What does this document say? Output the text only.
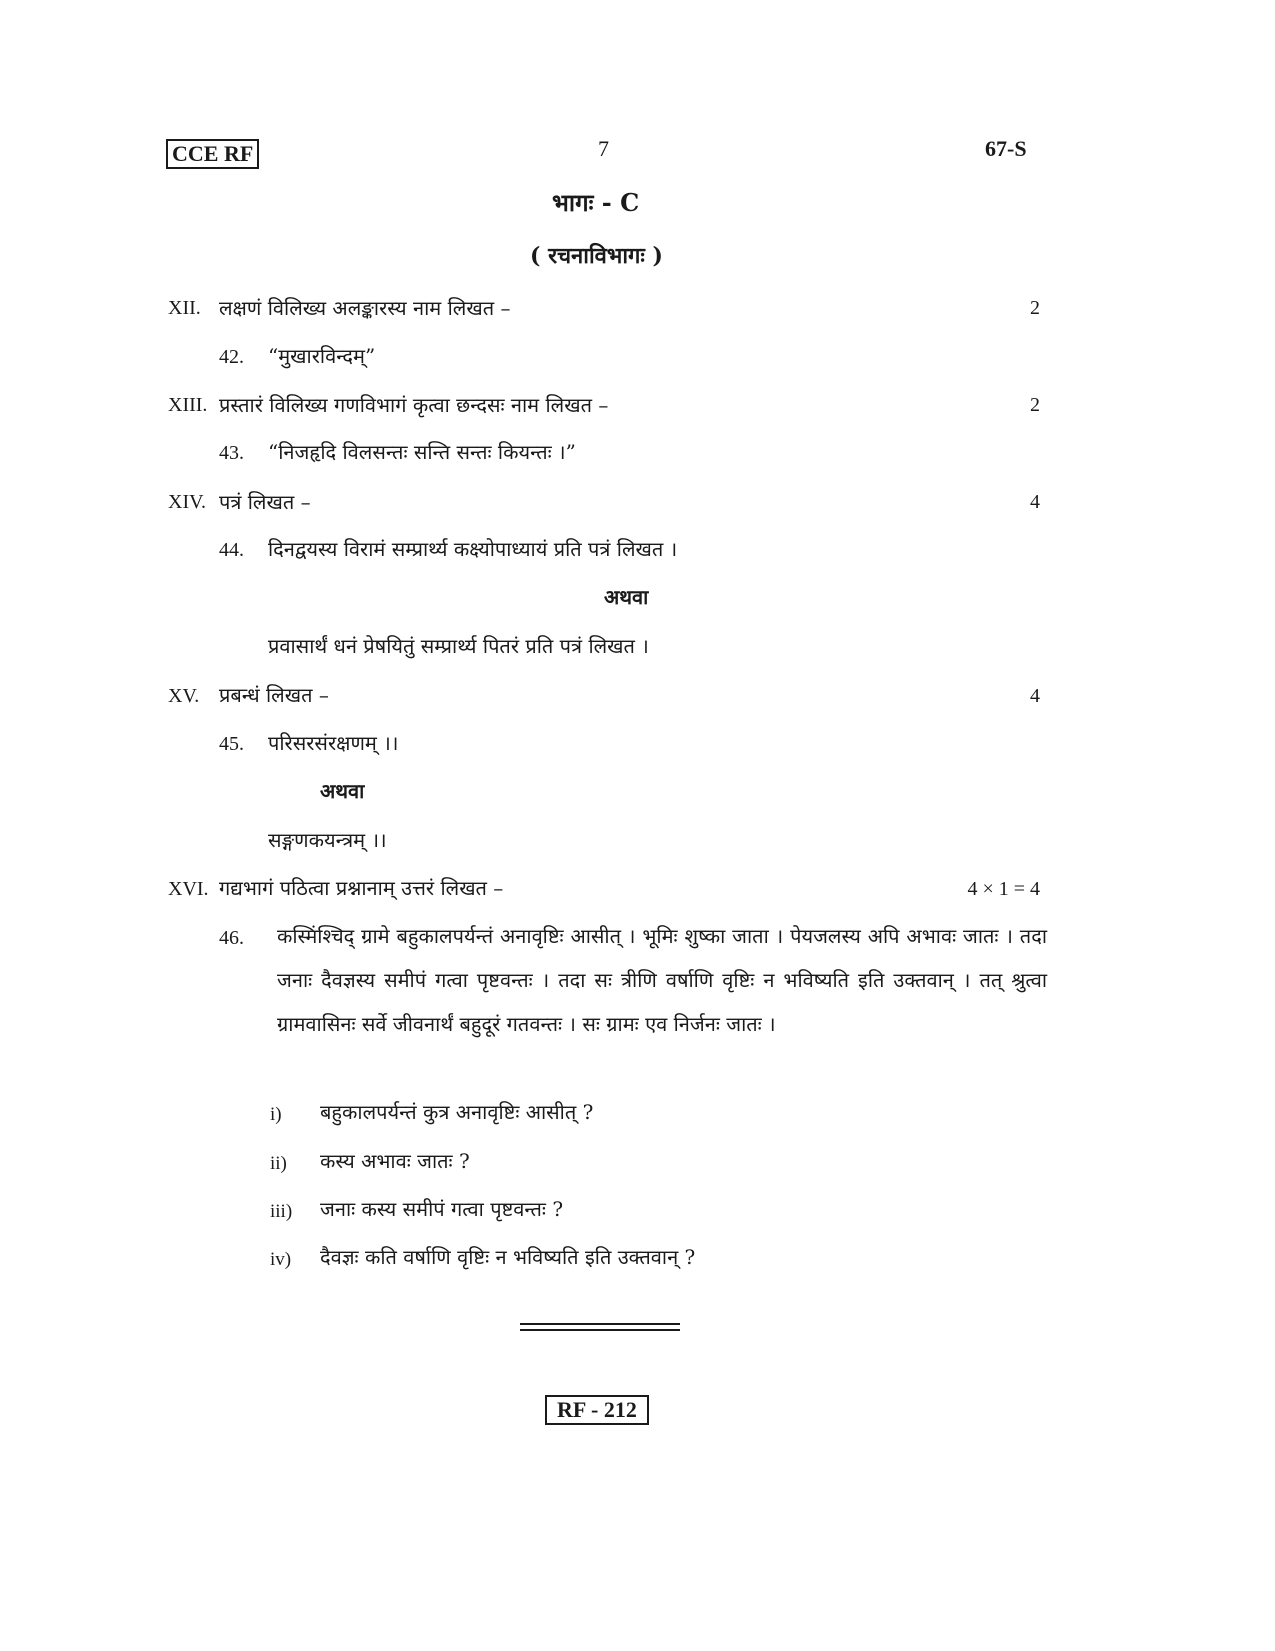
CCE RF	7	67-S
भागः - C
( रचनाविभागः )
XII. लक्षणं विलिख्य अलङ्कारस्य नाम लिखत –	2
42. “मुखारविन्दम्”
XIII. प्रस्तारं विलिख्य गणविभागं कृत्वा छन्दसः नाम लिखत –	2
43. “निजहृदि विलसन्तः सन्ति सन्तः कियन्तः ।”
XIV. पत्रं लिखत –	4
44. दिनद्वयस्य विरामं सम्प्रार्थ्य कक्ष्योपाध्यायं प्रति पत्रं लिखत ।
अथवा
प्रवासार्थं धनं प्रेषयितुं सम्प्रार्थ्य पितरं प्रति पत्रं लिखत ।
XV. प्रबन्धं लिखत –	4
45. परिसरसंरक्षणम् ।।
अथवा
सङ्गणकयन्त्रम् ।।
XVI. गद्यभागं पठित्वा प्रश्नानाम् उत्तरं लिखत –	4 × 1 = 4
46. कस्मिंश्चिद् ग्रामे बहुकालपर्यन्तं अनावृष्टिः आसीत् । भूमिः शुष्का जाता । पेयजलस्य अपि अभावः जातः । तदा जनाः दैवज्ञस्य समीपं गत्वा पृष्टवन्तः । तदा सः त्रीणि वर्षाणि वृष्टिः न भविष्यति इति उक्तवान् । तत् श्रुत्वा ग्रामवासिनः सर्वे जीवनार्थं बहुदूरं गतवन्तः । सः ग्रामः एव निर्जनः जातः ।
i) बहुकालपर्यन्तं कुत्र अनावृष्टिः आसीत् ?
ii) कस्य अभावः जातः ?
iii) जनाः कस्य समीपं गत्वा पृष्टवन्तः ?
iv) दैवज्ञः कति वर्षाणि वृष्टिः न भविष्यति इति उक्तवान् ?
RF - 212
